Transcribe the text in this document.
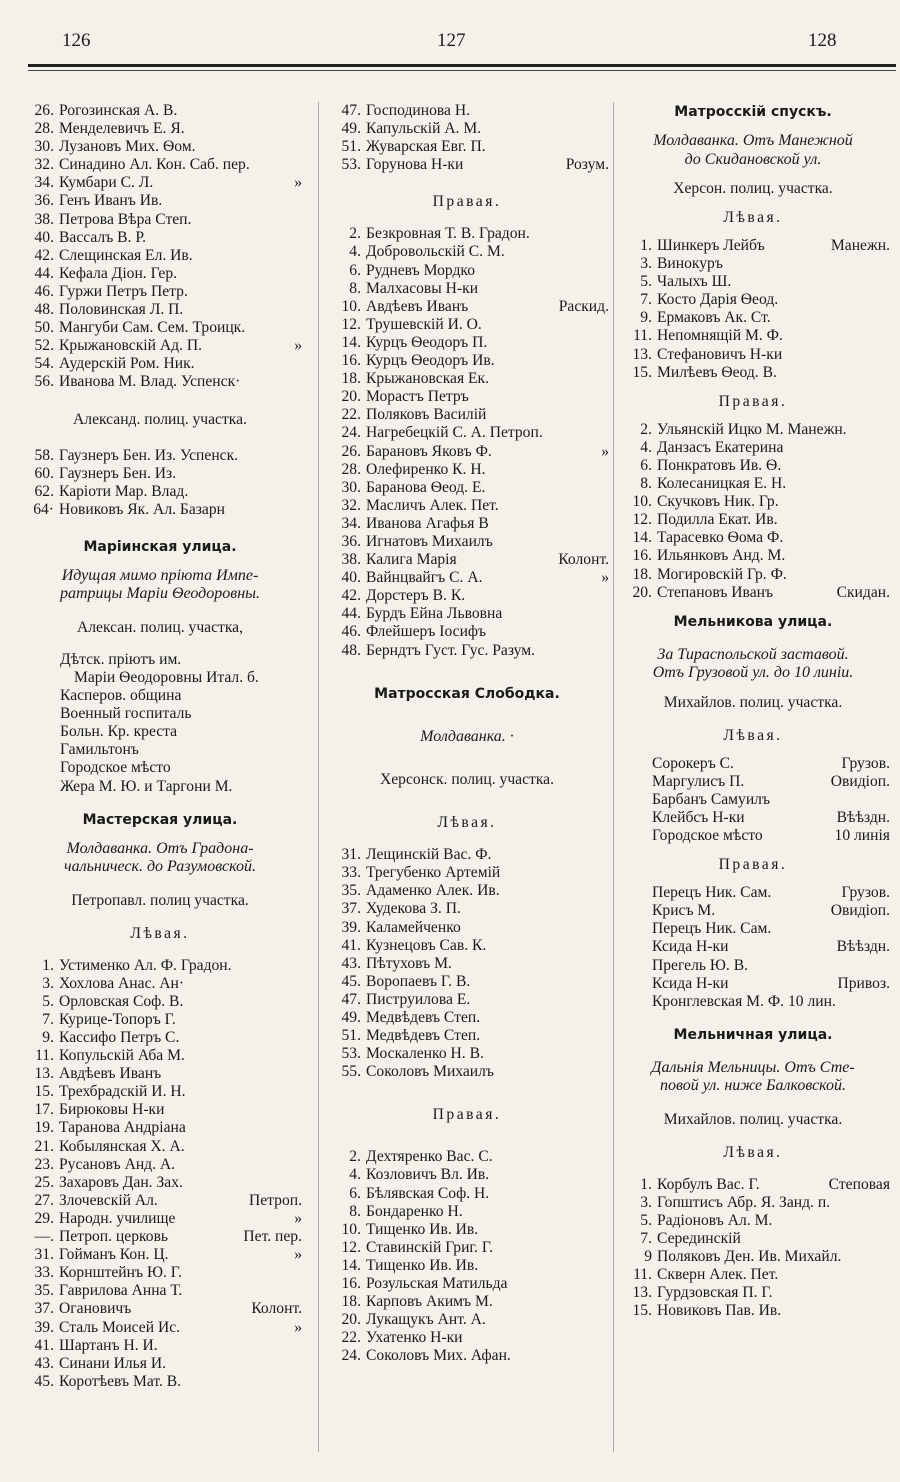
126	127	128
26. Рогозинская А. В.
28. Менделевичъ Е. Я.
30. Лузановъ Мих. Ѳом.
32. Синадино Ал. Кон. Саб. пер.
34. Кумбари С. Л.	»
36. Генъ Иванъ Ив.
38. Петрова Вѣра Степ.
40. Вассалъ В. Р.
42. Слещинская Ел. Ив.
44. Кефала Діон. Гер.
46. Гуржи Петръ Петр.
48. Половинская Л. П.
50. Мангуби Сам. Сем. Троицк.
52. Крыжановскій Ад. П.	»
54. Аудерскій Ром. Ник.
56. Иванова М. Влад. Успенск·
Александ. полиц. участка.
58. Гаузнеръ Бен. Из. Успенск.
60. Гаузнеръ Бен. Из.
62. Каріоти Мар. Влад.
64· Новиковъ Як. Ал. Базарн
Маріинская улица.
Идущая мимо пріюта Импе-
ратрицы Маріи Ѳеодоровны.
Алексан. полиц. участка,
Дѣтск. пріютъ им.
Маріи Ѳеодоровны Итал. б.
Касперов. община
Военный госпиталь
Больн. Кр. креста
Гамильтонъ
Городское мѣсто
Жера М. Ю. и Таргони М.
Мастерская улица.
Молдаванка. Отъ Градона-
чальническ. до Разумовской.
Петропавл. полиц участка.
Лѣвая.
1. Устименко Ал. Ф. Градон.
3. Хохлова Анас. Ан·
5. Орловская Соф. В.
7. Курице-Топоръ Г.
9. Кассифо Петръ С.
11. Копульскій Аба М.
13. Авдѣевъ Иванъ
15. Трехбрадскій И. Н.
17. Бирюковы Н-ки
19. Таранова Андріана
21. Кобылянская Х. А.
23. Русановъ Анд. А.
25. Захаровъ Дан. Зах.
27. Злочевскій Ал.	Петроп.
29. Народн. училище	»
—. Петроп. церковь	Пет. пер.
31. Гойманъ Кон. Ц.	»
33. Корнштейнъ Ю. Г.
35. Гаврилова Анна Т.
37. Огановичъ	Колонт.
39. Сталь Моисей Ис.	»
41. Шартанъ Н. И.
43. Синани Илья И.
45. Коротѣевъ Мат. В.
47. Господинова Н.
49. Капульскій А. М.
51. Жуварская Евг. П.
53. Горунова Н-ки	Розум.
Правая.
2. Безкровная Т. В. Градон.
4. Добровольскій С. М.
6. Рудневъ Мордко
8. Малхасовы Н-ки
10. Авдѣевъ Иванъ	Раскид.
12. Трушевскій И. О.
14. Курцъ Ѳеодоръ П.
16. Курцъ Ѳеодоръ Ив.
18. Крыжановская Ек.
20. Морастъ Петръ
22. Поляковъ Василій
24. Нагребецкій С. А. Петроп.
26. Барановъ Яковъ Ф.	»
28. Олефиренко К. Н.
30. Баранова Ѳеод. Е.
32. Масличъ Алек. Пет.
34. Иванова Агафья В
36. Игнатовъ Михаилъ
38. Калига Марія	Колонт.
40. Вайнцвайгъ С. А.	»
42. Дорстеръ В. К.
44. Бурдъ Ейна Львовна
46. Флейшеръ Іосифъ
48. Берндтъ Густ. Гус. Разум.
Матросская Слободка.
Молдаванка. ·
Херсонск. полиц. участка.
Лѣвая.
31. Лещинскій Вас. Ф.
33. Трегубенко Артемій
35. Адаменко Алек. Ив.
37. Худекова З. П.
39. Каламейченко
41. Кузнецовъ Сав. К.
43. Пѣтуховъ М.
45. Воропаевъ Г. В.
47. Пиструилова Е.
49. Медвѣдевъ Степ.
51. Медвѣдевъ Степ.
53. Москаленко Н. В.
55. Соколовъ Михаилъ
Правая.
2. Дехтяренко Вас. С.
4. Козловичъ Вл. Ив.
6. Бѣлявская Соф. Н.
8. Бондаренко Н.
10. Тищенко Ив. Ив.
12. Ставинскій Григ. Г.
14. Тищенко Ив. Ив.
16. Розульская Матильда
18. Карповъ Акимъ М.
20. Лукащукъ Ант. А.
22. Ухатенко Н-ки
24. Соколовъ Мих. Афан.
Матросскій спускъ.
Молдаванка. Отъ Манежной
до Скидановской ул.
Херсон. полиц. участка.
Лѣвая.
1. Шинкеръ Лейбъ	Манежн.
3. Винокуръ
5. Чалыхъ Ш.
7. Косто Дарія Ѳеод.
9. Ермаковъ Ак. Ст.
11. Непомнящій М. Ф.
13. Стефановичъ Н-ки
15. Милѣевъ Ѳеод. В.
Правая.
2. Ульянскій Ицко М. Манежн.
4. Данзасъ Екатерина
6. Понкратовъ Ив. Ѳ.
8. Колесаницкая Е. Н.
10. Скучковъ Ник. Гр.
12. Подилла Екат. Ив.
14. Тарасевко Ѳома Ф.
16. Ильянковъ Анд. М.
18. Могировскій Гр. Ф.
20. Степановъ Иванъ	Скидан.
Мельникова улица.
За Тираспольской заставой.
Отъ Грузовой ул. до 10 линіи.
Михайлов. полиц. участка.
Лѣвая.
Сорокеръ С.	Грузов.
Маргулисъ П.	Овидіоп.
Барбанъ Самуилъ
Клейбсъ Н-ки	Вѣѣздн.
Городское мѣсто	10 линія
Правая.
Перецъ Ник. Сам.	Грузов.
Крисъ М.	Овидіоп.
Перецъ Ник. Сам.
Ксида Н-ки	Вѣѣздн.
Прегель Ю. В.
Ксида Н-ки	Привоз.
Кронглевская М. Ф. 10 лин.
Мельничная улица.
Дальнія Мельницы. Отъ Сте-
повой ул. ниже Балковской.
Михайлов. полиц. участка.
Лѣвая.
1. Корбулъ Вас. Г.	Степовая
3. Гопштисъ Абр. Я. Занд. п.
5. Радіоновъ Ал. М.
7. Серединскій
9 Поляковъ Ден. Ив. Михайл.
11. Скверн Алек. Пет.
13. Гурдзовская П. Г.
15. Новиковъ Пав. Ив.
